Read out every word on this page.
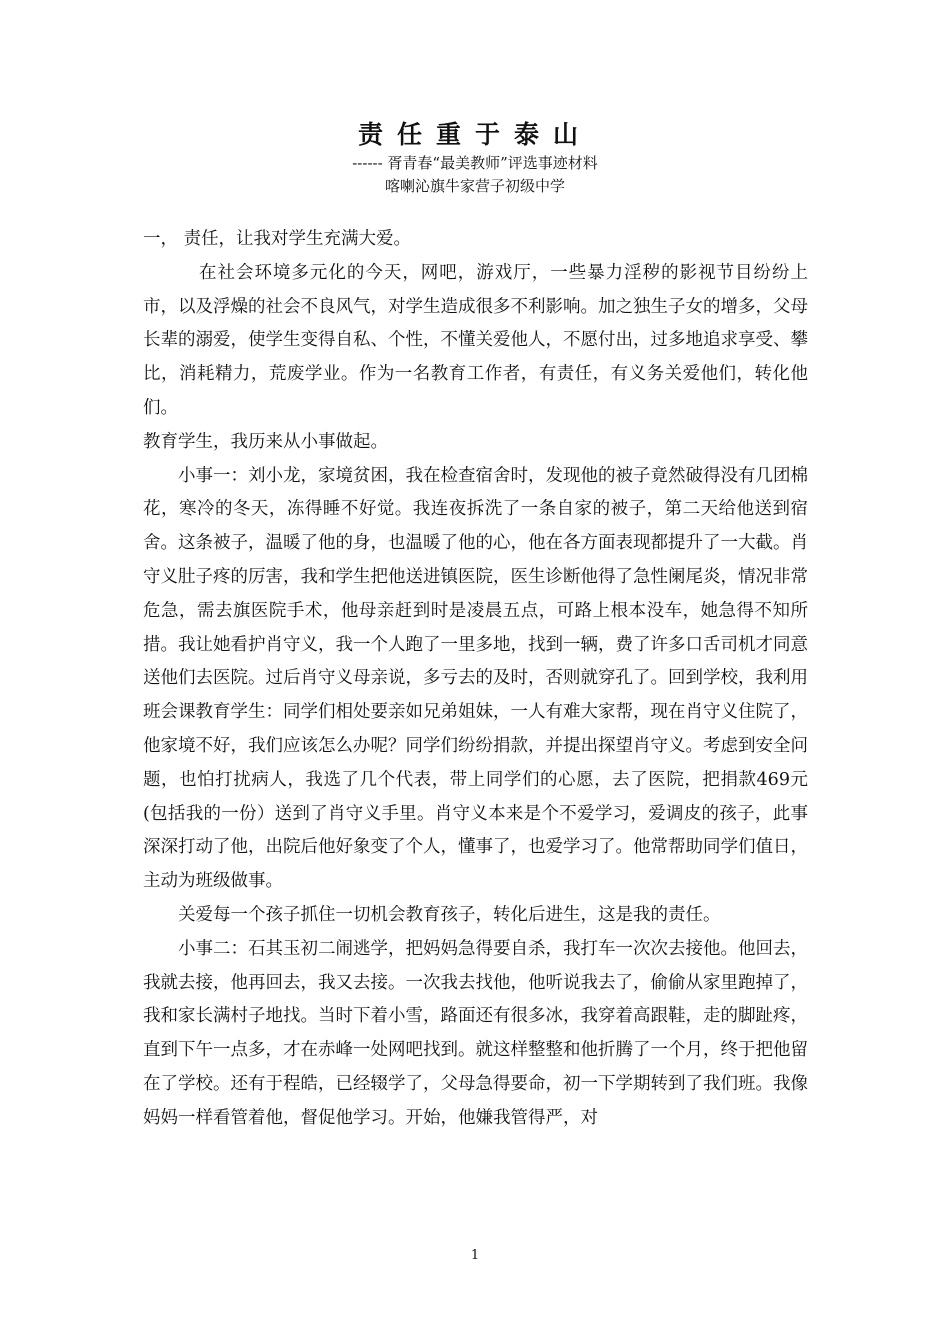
责任重于泰山
------ 胥青春“最美教师”评选事迹材料
喀喇沁旗牛家营子初级中学

一， 责任，让我对学生充满大爱。

在社会环境多元化的今天，网吧，游戏厅，一些暴力淫秽的影视节目纷纷上市，以及浮燥的社会不良风气，对学生造成很多不利影响。加之独生子女的增多，父母长辈的溺爱，使学生变得自私、个性，不懂关爱他人，不愿付出，过多地追求享受、攀比，消耗精力，荒废学业。作为一名教育工作者，有责任，有义务关爱他们，转化他们。

教育学生，我历来从小事做起。

小事一：刘小龙，家境贫困，我在检查宿舍时，发现他的被子竟然破得没有几团棉花，寒冷的冬天，冻得睡不好觉。我连夜拆洗了一条自家的被子，第二天给他送到宿舍。这条被子，温暖了他的身，也温暖了他的心，他在各方面表现都提升了一大截。肖守义肚子疼的厉害，我和学生把他送进镇医院，医生诊断他得了急性阑尾炎，情况非常危急，需去旗医院手术，他母亲赶到时是凌晨五点，可路上根本没车，她急得不知所措。我让她看护肖守义，我一个人跑了一里多地，找到一辆，费了许多口舌司机才同意送他们去医院。过后肖守义母亲说，多亏去的及时，否则就穿孔了。回到学校，我利用班会课教育学生：同学们相处要亲如兄弟姐妹，一人有难大家帮，现在肖守义住院了，他家境不好，我们应该怎么办呢？同学们纷纷捐款，并提出探望肖守义。考虑到安全问题，也怕打扰病人，我选了几个代表，带上同学们的心愿，去了医院，把捐款469元(包括我的一份）送到了肖守义手里。肖守义本来是个不爱学习，爱调皮的孩子，此事深深打动了他，出院后他好象变了个人，懂事了，也爱学习了。他常帮助同学们值日，主动为班级做事。

关爱每一个孩子抓住一切机会教育孩子，转化后进生，这是我的责任。

小事二：石其玉初二闹逃学，把妈妈急得要自杀，我打车一次次去接他。他回去，我就去接，他再回去，我又去接。一次我去找他，他听说我去了，偷偷从家里跑掉了，我和家长满村子地找。当时下着小雪，路面还有很多冰，我穿着高跟鞋，走的脚趾疼，直到下午一点多，才在赤峰一处网吧找到。就这样整整和他折腾了一个月，终于把他留在了学校。还有于程皓，已经辍学了，父母急得要命，初一下学期转到了我们班。我像妈妈一样看管着他，督促他学习。开始，他嫌我管得严，对

1
